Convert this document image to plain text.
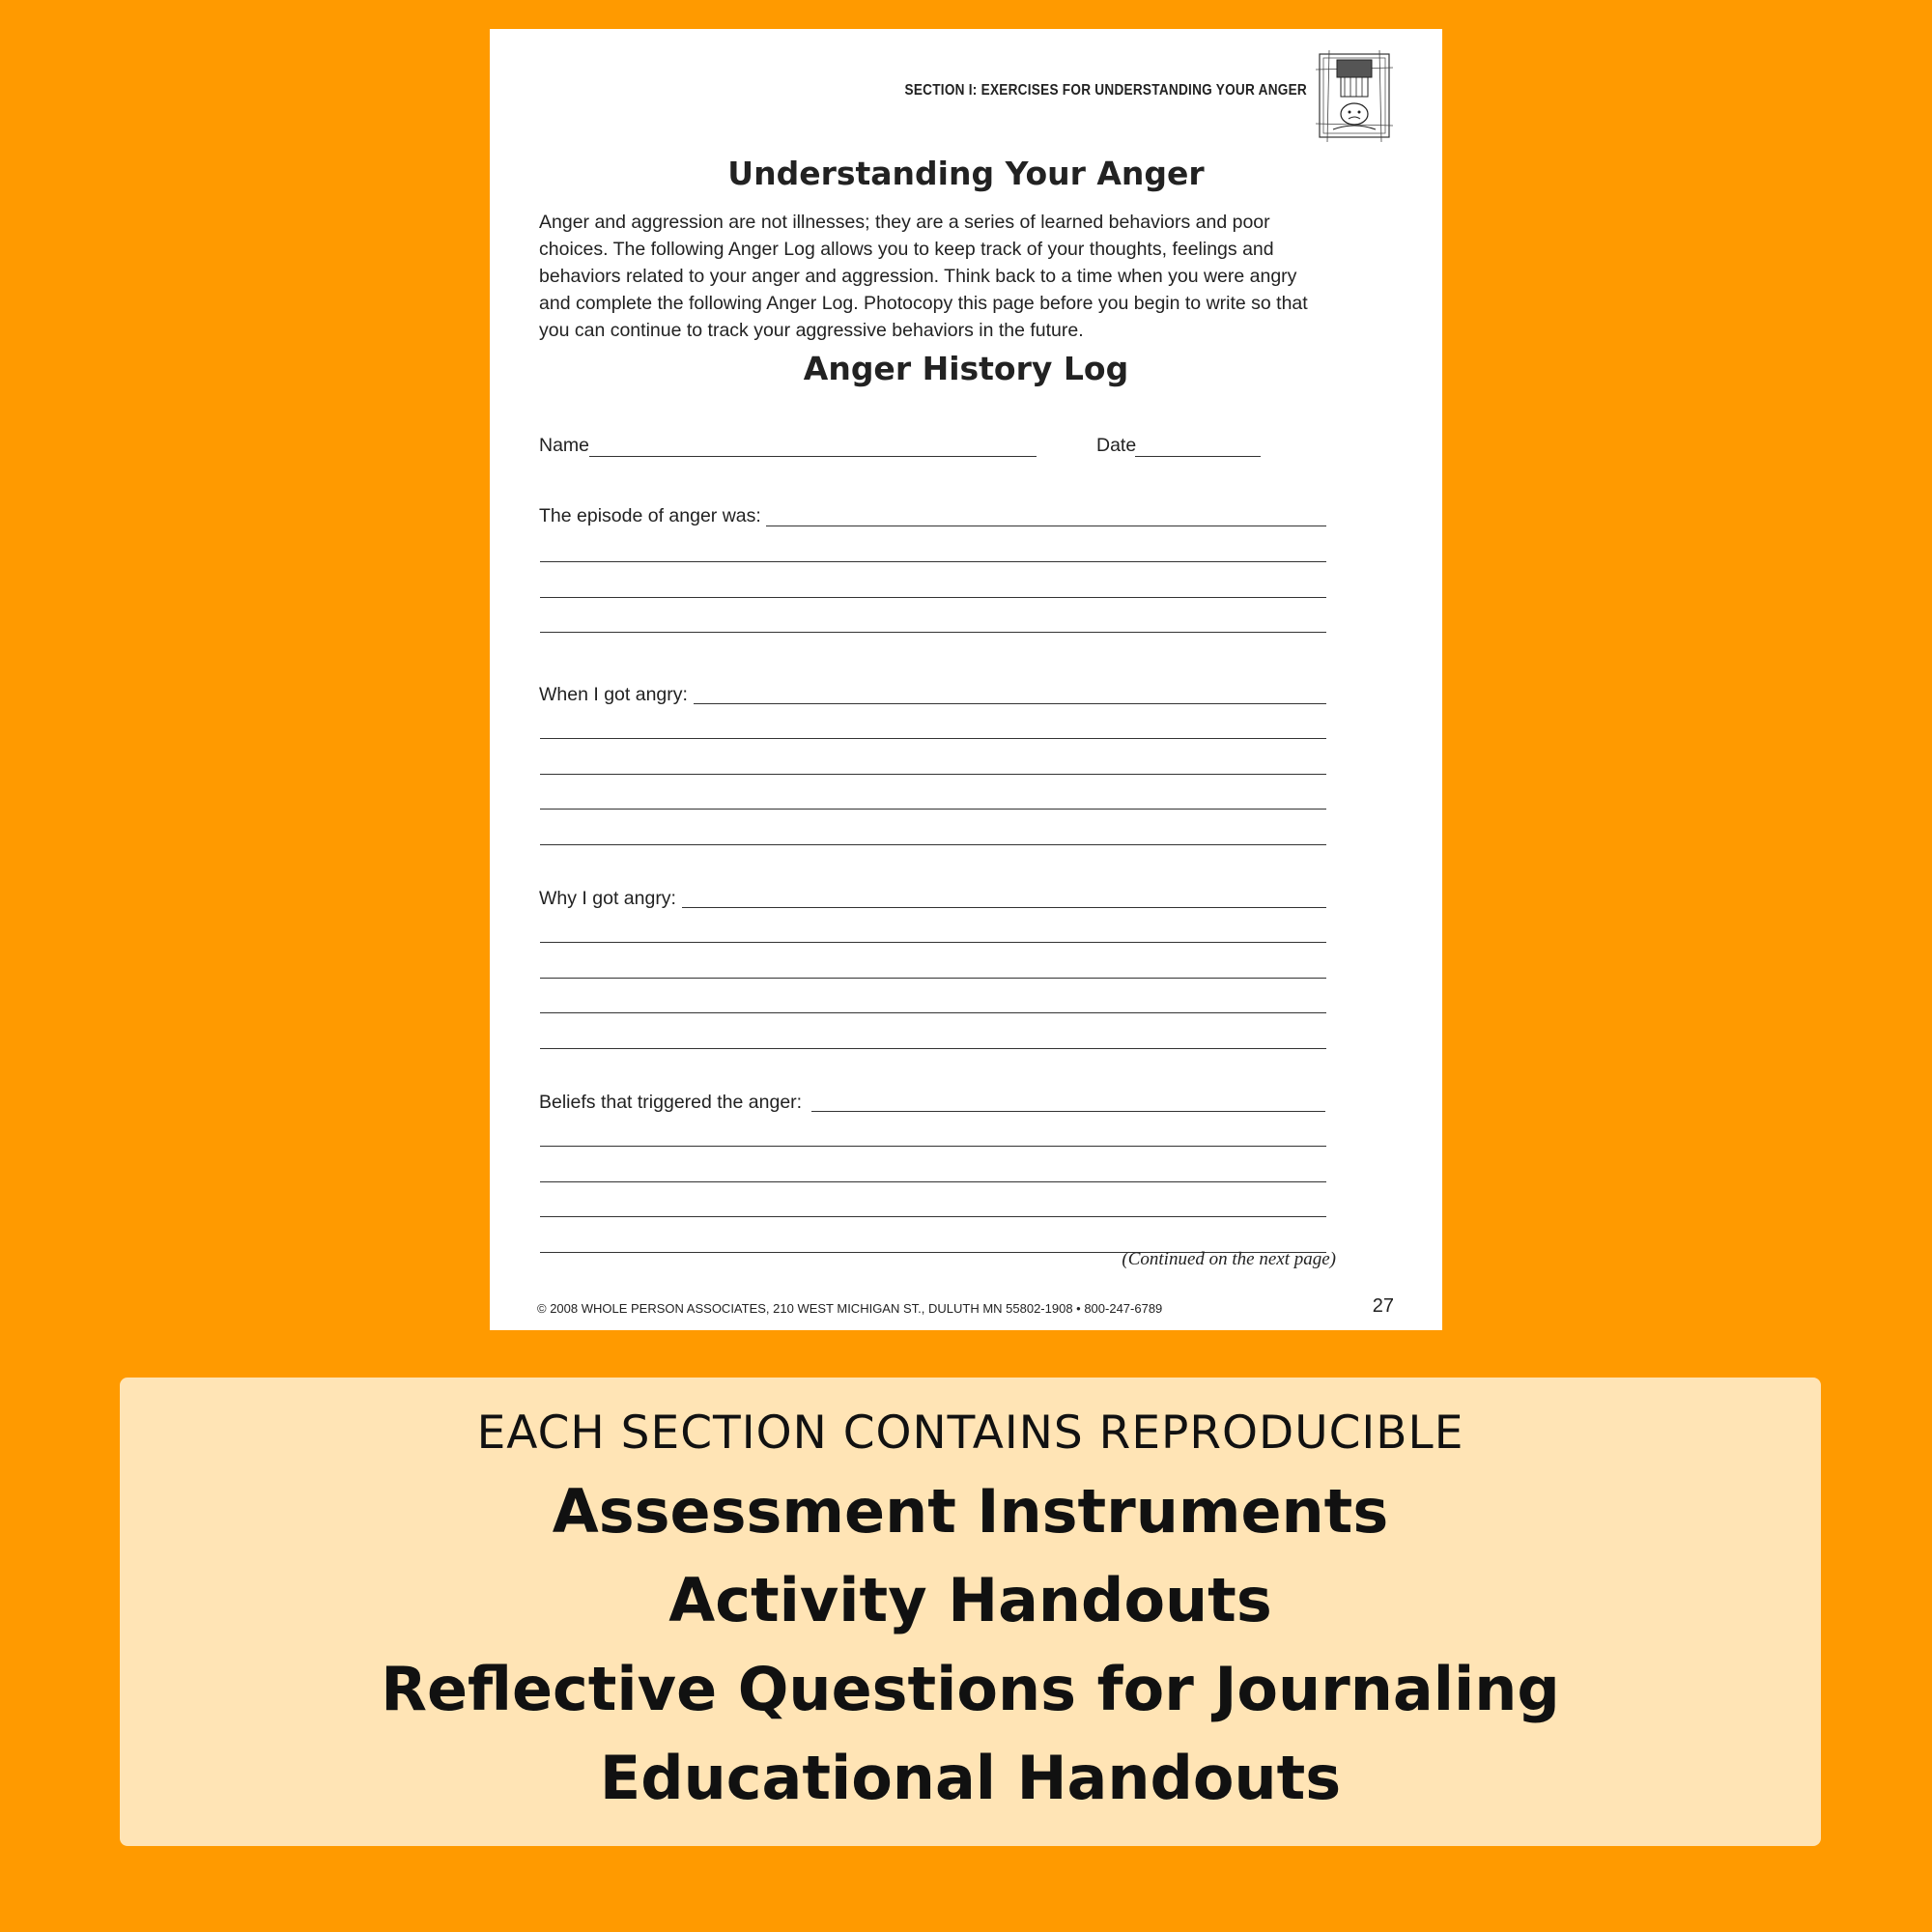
SECTION I: EXERCISES FOR UNDERSTANDING YOUR ANGER
Understanding Your Anger
Anger and aggression are not illnesses; they are a series of learned behaviors and poor
choices. The following Anger Log allows you to keep track of your thoughts, feelings and
behaviors related to your anger and aggression. Think back to a time when you were angry
and complete the following Anger Log. Photocopy this page before you begin to write so that
you can continue to track your aggressive behaviors in the future.
Anger History Log
Name	Date
The episode of anger was:
When I got angry:
Why I got angry:
Beliefs that triggered the anger:
(Continued on the next page)
© 2008 WHOLE PERSON ASSOCIATES, 210 WEST MICHIGAN ST., DULUTH MN 55802-1908 • 800-247-6789	27
EACH SECTION CONTAINS REPRODUCIBLE
Assessment Instruments
Activity Handouts
Reflective Questions for Journaling
Educational Handouts
